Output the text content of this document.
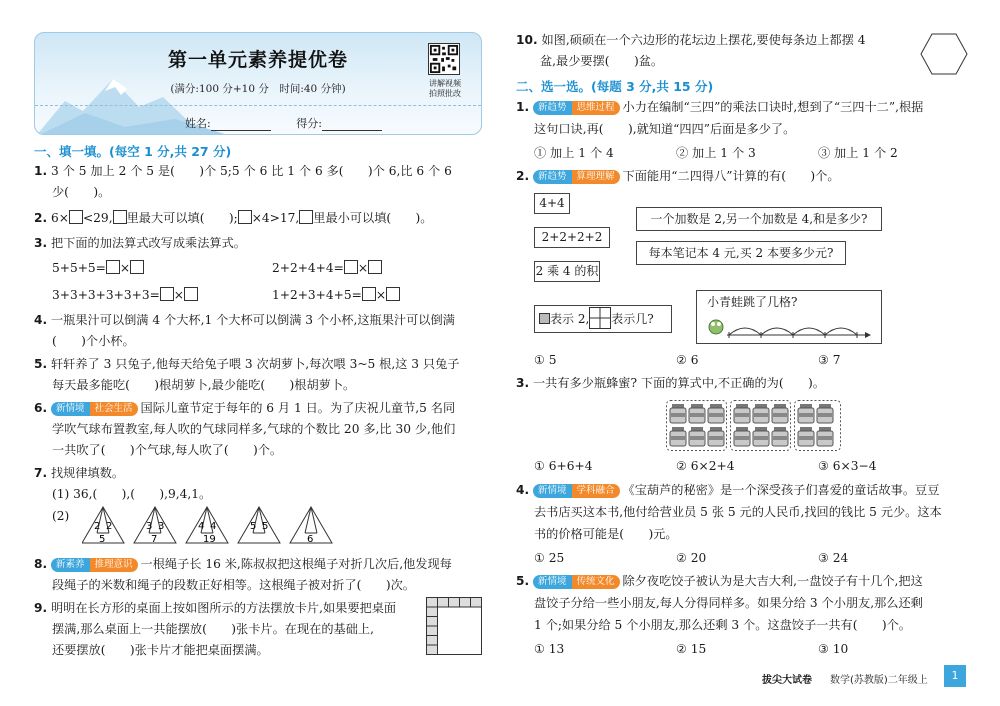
第一单元素养提优卷
(满分:100 分+10 分　时间:40 分钟)	讲解视频
拍照批改
姓名:	得分:
一、填一填。(每空 1 分,共 27 分)
1. 3 个 5 加上 2 个 5 是(　　)个 5;5 个 6 比 1 个 6 多(　　)个 6,比 6 个 6
少(　　)。
2. 6× <29, 里最大可以填(　　); ×4>17, 里最小可以填(　　)。
3. 把下面的加法算式改写成乘法算式。
5+5+5= ×	2+2+4+4= ×
3+3+3+3+3+3= ×	1+2+3+4+5= ×
4. 一瓶果汁可以倒满 4 个大杯,1 个大杯可以倒满 3 个小杯,这瓶果汁可以倒满
(　　)个小杯。
5. 轩轩养了 3 只兔子,他每天给兔子喂 3 次胡萝卜,每次喂 3~5 根,这 3 只兔子
每天最多能吃(　　)根胡萝卜,最少能吃(　　)根胡萝卜。
6. 新情境 社会生活 国际儿童节定于每年的 6 月 1 日。为了庆祝儿童节,5 名同
学吹气球布置教室,每人吹的气球同样多,气球的个数比 20 多,比 30 少,他们
一共吹了(　　)个气球,每人吹了(　　)个。
7. 找规律填数。
(1) 36,(　　),(　　),9,4,1。
(2)
2 2
5
3 3
7
4 4
19
5 5
6
8. 新素养 推理意识 一根绳子长 16 米,陈叔叔把这根绳子对折几次后,他发现每
段绳子的米数和绳子的段数正好相等。这根绳子被对折了(　　)次。
9. 明明在长方形的桌面上按如图所示的方法摆放卡片,如果要把桌面
摆满,那么桌面上一共能摆放(　　)张卡片。在现在的基础上,
还要摆放(　　)张卡片才能把桌面摆满。
10. 如图,硕硕在一个六边形的花坛边上摆花,要使每条边上都摆 4
盆,最少要摆(　　)盆。
二、选一选。(每题 3 分,共 15 分)
1. 新趋势 思维过程 小力在编制“三四”的乘法口诀时,想到了“三四十二”,根据
这句口诀,再(　　),就知道“四四”后面是多少了。
① 加上 1 个 4	② 加上 1 个 3	③ 加上 1 个 2
2. 新趋势 算理理解 下面能用“二四得八”计算的有(　　)个。
4+4
2+2+2+2
2 乘 4 的积
一个加数是 2,另一个加数是 4,和是多少?
每本笔记本 4 元,买 2 本要多少元?
表示 2, 表示几?
小青蛙跳了几格?
① 5	② 6	③ 7
3. 一共有多少瓶蜂蜜? 下面的算式中,不正确的为(　　)。
① 6+6+4	② 6×2+4	③ 6×3−4
4. 新情境 学科融合 《宝葫芦的秘密》是一个深受孩子们喜爱的童话故事。豆豆
去书店买这本书,他付给营业员 5 张 5 元的人民币,找回的钱比 5 元少。这本
书的价格可能是(　　)元。
① 25	② 20	③ 24
5. 新情境 传统文化 除夕夜吃饺子被认为是大吉大利,一盘饺子有十几个,把这
盘饺子分给一些小朋友,每人分得同样多。如果分给 3 个小朋友,那么还剩
1 个;如果分给 5 个小朋友,那么还剩 3 个。这盘饺子一共有(　　)个。
① 13	② 15	③ 10
拔尖大试卷 数学(苏教版)二年级上	1
